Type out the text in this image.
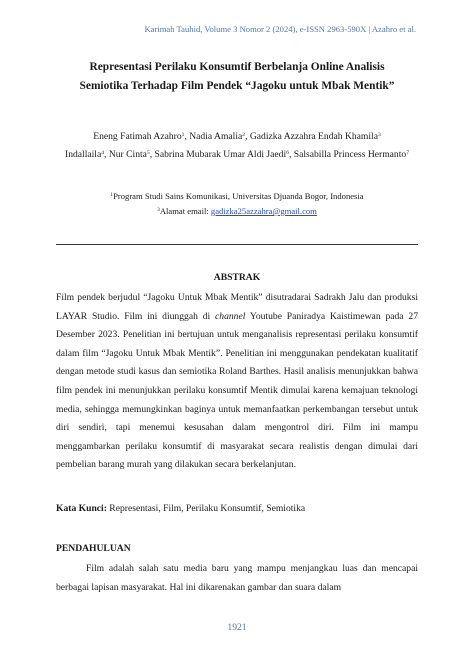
Karimah Tauhid, Volume 3 Nomor 2 (2024), e-ISSN 2963-590X | Azahro et al.
Representasi Perilaku Konsumtif Berbelanja Online Analisis
Semiotika Terhadap Film Pendek “Jagoku untuk Mbak Mentik”
Eneng Fatimah Azahro$^1$, Nadia Amalia$^2$, Gadizka Azzahra Endah Khamila$^3$
Indallaila$^4$, Nur Cinta$^5$, Sabrina Mubarak Umar Aldi Jaedi$^6$, Salsabilla Princess Hermanto$^7$
$^1$Program Studi Sains Komunikasi, Universitas Djuanda Bogor, Indonesia
$^3$Alamat email: gadizka25azzahra@gmail.com
ABSTRAK
Film pendek berjudul “Jagoku Untuk Mbak Mentik” disutradarai Sadrakh Jalu dan produksi LAYAR Studio. Film ini diunggah di channel Youtube Paniradya Kaistimewan pada 27 Desember 2023. Penelitian ini bertujuan untuk menganalisis representasi perilaku konsumtif dalam film “Jagoku Untuk Mbak Mentik”. Penelitian ini menggunakan pendekatan kualitatif dengan metode studi kasus dan semiotika Roland Barthes. Hasil analisis menunjukkan bahwa film pendek ini menunjukkan perilaku konsumtif Mentik dimulai karena kemajuan teknologi media, sehingga memungkinkan baginya untuk memanfaatkan perkembangan tersebut untuk diri sendiri, tapi menemui kesusahan dalam mengontrol diri. Film ini mampu menggambarkan perilaku konsumtif di masyarakat secara realistis dengan dimulai dari pembelian barang murah yang dilakukan secara berkelanjutan.
Kata Kunci: Representasi, Film, Perilaku Konsumtif, Semiotika
PENDAHULUAN
Film adalah salah satu media baru yang mampu menjangkau luas dan mencapai berbagai lapisan masyarakat. Hal ini dikarenakan gambar dan suara dalam
1921
